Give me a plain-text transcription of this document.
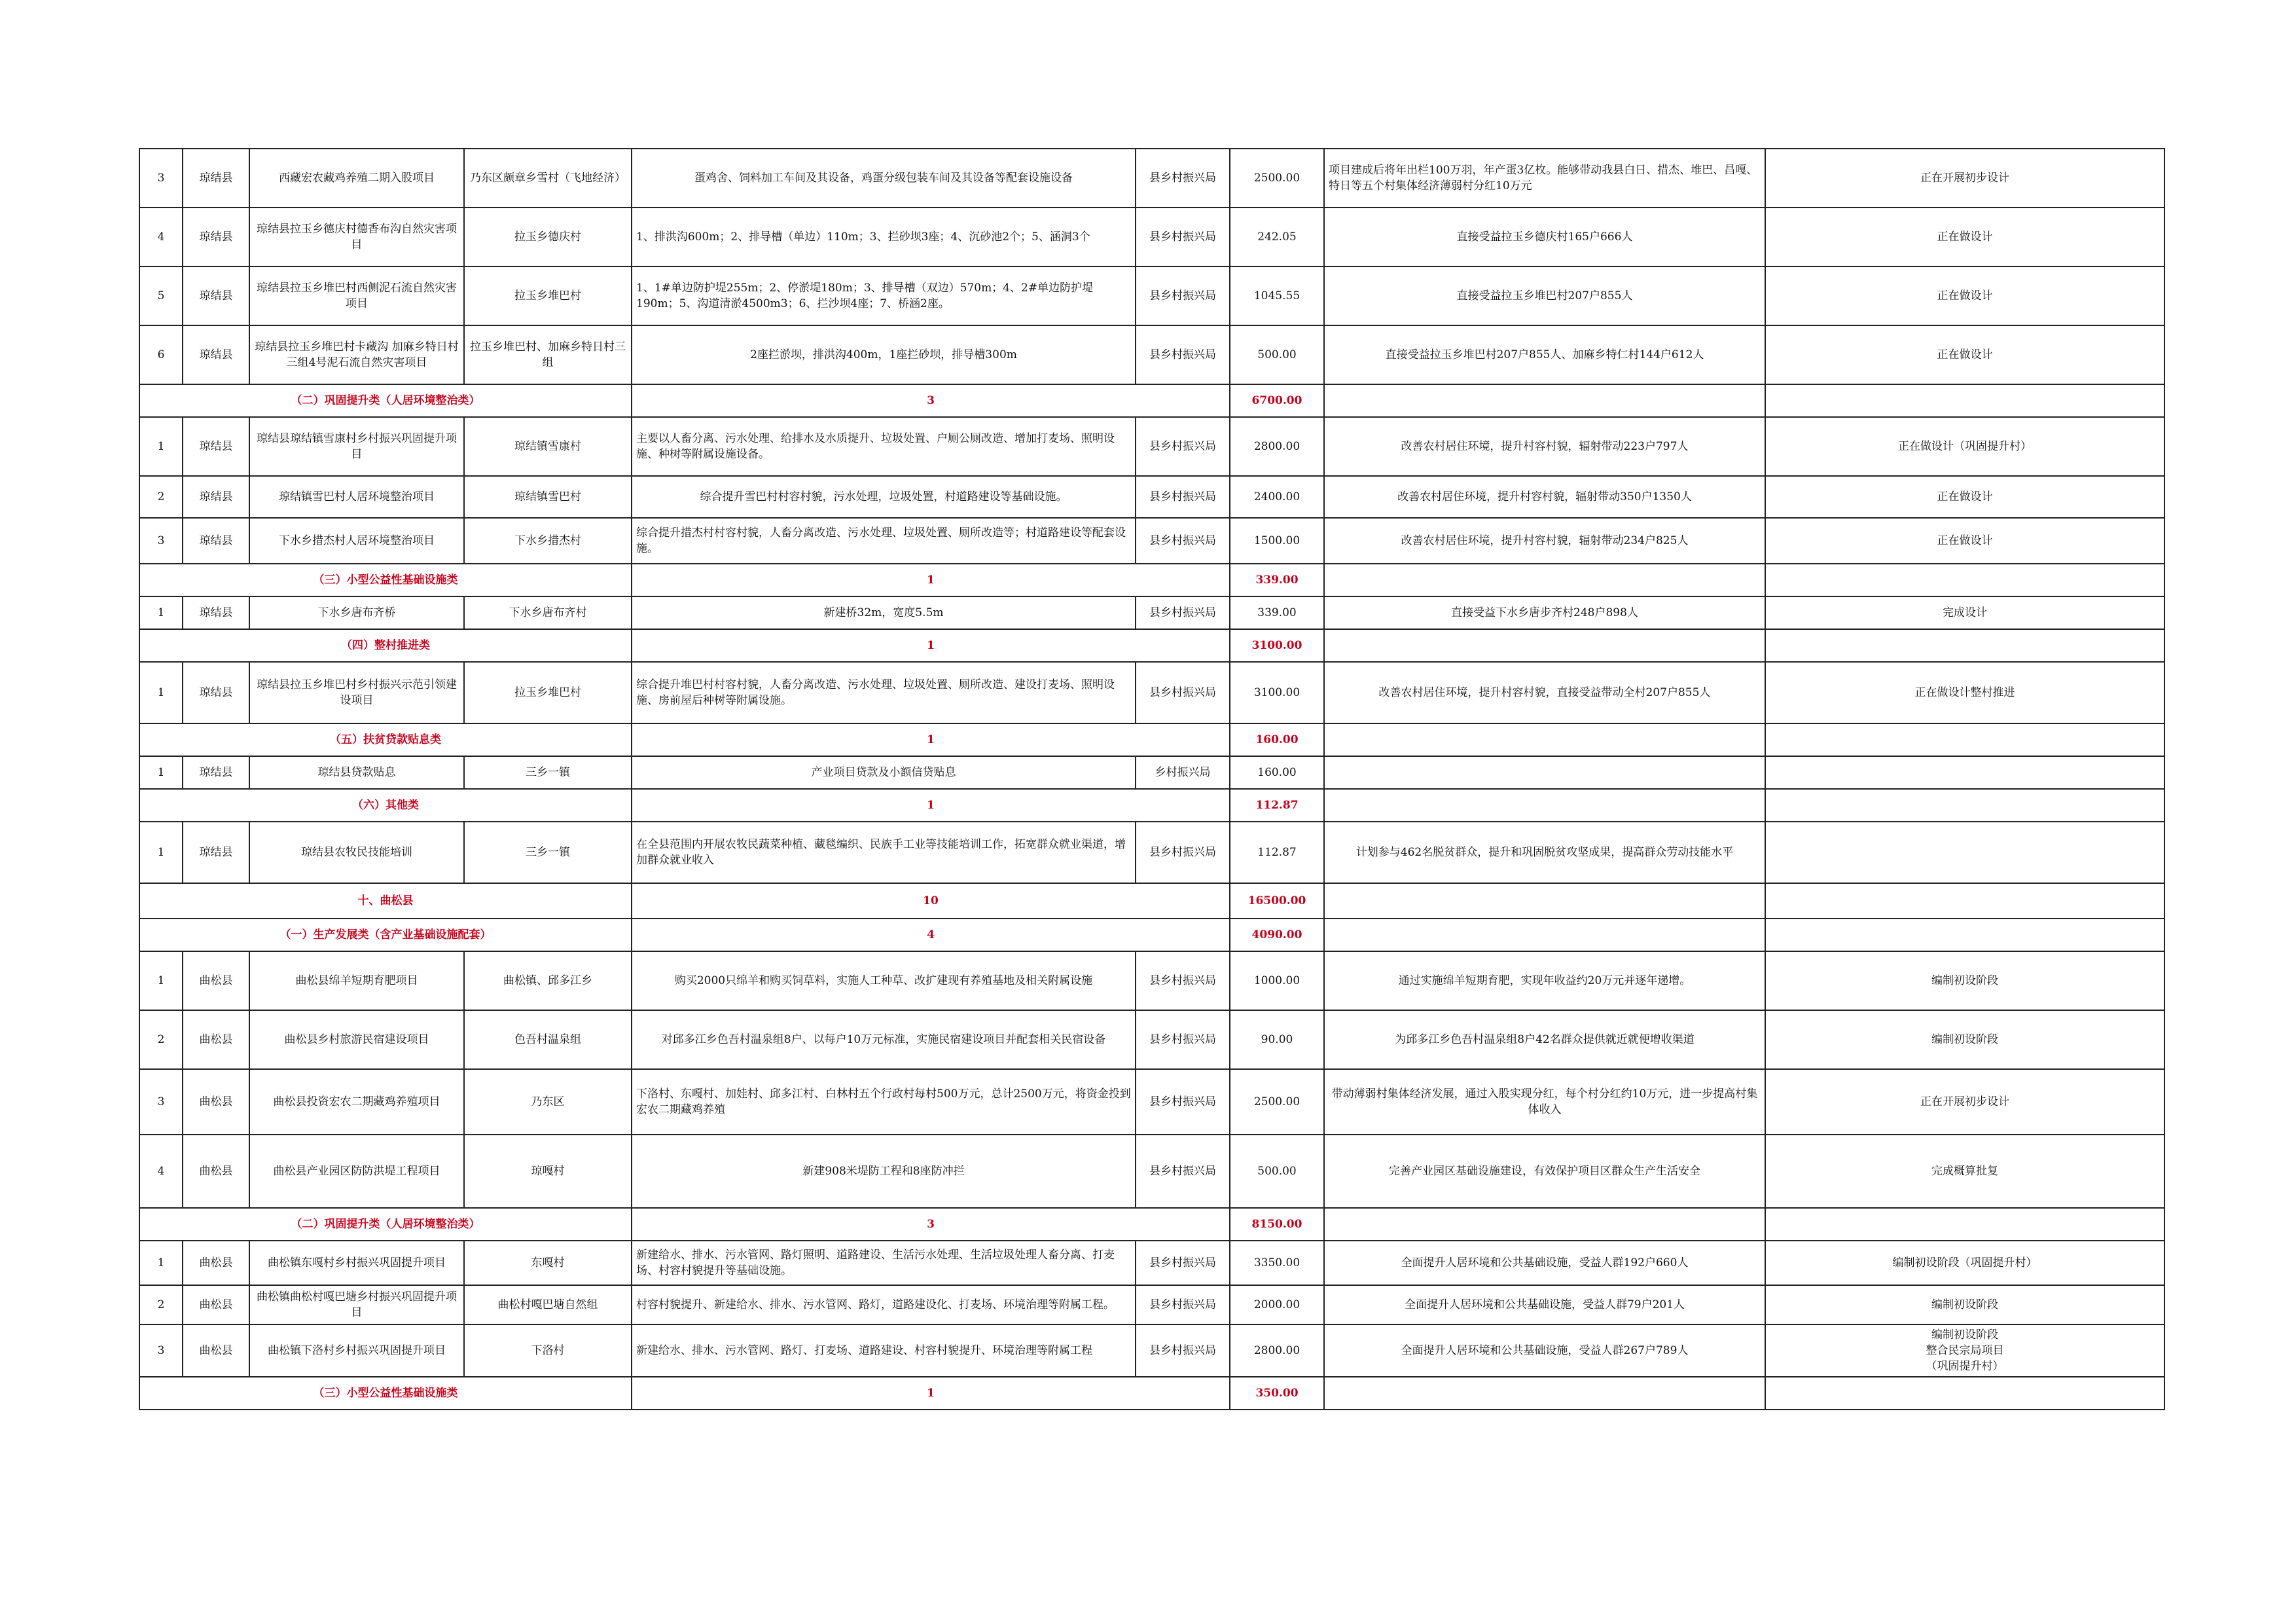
3	琼结县	西藏宏农藏鸡养殖二期入股项目	乃东区颇章乡雪村（飞地经济）	蛋鸡舍、饲料加工车间及其设备，鸡蛋分级包装车间及其设备等配套设施设备	县乡村振兴局	2500.00	项目建成后将年出栏100万羽，年产蛋3亿枚。能够带动我县白日、措杰、堆巴、昌嘎、特日等五个村集体经济薄弱村分红10万元	正在开展初步设计
4	琼结县	琼结县拉玉乡德庆村德香布沟自然灾害项目	拉玉乡德庆村	1、排洪沟600m；2、排导槽（单边）110m；3、拦砂坝3座；4、沉砂池2个；5、涵洞3个	县乡村振兴局	242.05	直接受益拉玉乡德庆村165户666人	正在做设计
5	琼结县	琼结县拉玉乡堆巴村西侧泥石流自然灾害项目	拉玉乡堆巴村	1、1#单边防护堤255m；2、停淤堤180m；3、排导槽（双边）570m；4、2#单边防护堤190m；5、沟道清淤4500m3；6、拦沙坝4座；7、桥涵2座。	县乡村振兴局	1045.55	直接受益拉玉乡堆巴村207户855人	正在做设计
6	琼结县	琼结县拉玉乡堆巴村卡藏沟 加麻乡特日村三组4号泥石流自然灾害项目	拉玉乡堆巴村、加麻乡特日村三组	2座拦淤坝，排洪沟400m，1座拦砂坝，排导槽300m	县乡村振兴局	500.00	直接受益拉玉乡堆巴村207户855人、加麻乡特仁村144户612人	正在做设计
（二）巩固提升类（人居环境整治类）				3		6700.00		
1	琼结县	琼结县琼结镇雪康村乡村振兴巩固提升项目	琼结镇雪康村	主要以人畜分离、污水处理、给排水及水质提升、垃圾处置、户厕公厕改造、增加打麦场、照明设施、种树等附属设施设备。	县乡村振兴局	2800.00	改善农村居住环境，提升村容村貌，辐射带动223户797人	正在做设计（巩固提升村）
2	琼结县	琼结镇雪巴村人居环境整治项目	琼结镇雪巴村	综合提升雪巴村村容村貌，污水处理，垃圾处置，村道路建设等基础设施。	县乡村振兴局	2400.00	改善农村居住环境，提升村容村貌，辐射带动350户1350人	正在做设计
3	琼结县	下水乡措杰村人居环境整治项目	下水乡措杰村	综合提升措杰村村容村貌，人畜分离改造、污水处理、垃圾处置、厕所改造等；村道路建设等配套设施。	县乡村振兴局	1500.00	改善农村居住环境，提升村容村貌，辐射带动234户825人	正在做设计
（三）小型公益性基础设施类				1		339.00		
1	琼结县	下水乡唐布齐桥	下水乡唐布齐村	新建桥32m，宽度5.5m	县乡村振兴局	339.00	直接受益下水乡唐步齐村248户898人	完成设计
（四）整村推进类				1		3100.00		
1	琼结县	琼结县拉玉乡堆巴村乡村振兴示范引领建设项目	拉玉乡堆巴村	综合提升堆巴村村容村貌，人畜分离改造、污水处理、垃圾处置、厕所改造、建设打麦场、照明设施、房前屋后种树等附属设施。	县乡村振兴局	3100.00	改善农村居住环境，提升村容村貌，直接受益带动全村207户855人	正在做设计整村推进
（五）扶贫贷款贴息类				1		160.00		
1	琼结县	琼结县贷款贴息	三乡一镇	产业项目贷款及小额信贷贴息	乡村振兴局	160.00		
（六）其他类				1		112.87		
1	琼结县	琼结县农牧民技能培训	三乡一镇	在全县范围内开展农牧民蔬菜种植、藏毯编织、民族手工业等技能培训工作，拓宽群众就业渠道，增加群众就业收入	县乡村振兴局	112.87	计划参与462名脱贫群众，提升和巩固脱贫攻坚成果，提高群众劳动技能水平	
十、曲松县				10		16500.00		
（一）生产发展类（含产业基础设施配套）				4		4090.00		
1	曲松县	曲松县绵羊短期育肥项目	曲松镇、邱多江乡	购买2000只绵羊和购买饲草料，实施人工种草、改扩建现有养殖基地及相关附属设施	县乡村振兴局	1000.00	通过实施绵羊短期育肥，实现年收益约20万元并逐年递增。	编制初设阶段
2	曲松县	曲松县乡村旅游民宿建设项目	色吾村温泉组	对邱多江乡色吾村温泉组8户、以每户10万元标准，实施民宿建设项目并配套相关民宿设备	县乡村振兴局	90.00	为邱多江乡色吾村温泉组8户42名群众提供就近就便增收渠道	编制初设阶段
3	曲松县	曲松县投资宏农二期藏鸡养殖项目	乃东区	下洛村、东嘎村、加娃村、邱多江村、白林村五个行政村每村500万元，总计2500万元，将资金投到宏农二期藏鸡养殖	县乡村振兴局	2500.00	带动薄弱村集体经济发展，通过入股实现分红，每个村分红约10万元，进一步提高村集体收入	正在开展初步设计
4	曲松县	曲松县产业园区防防洪堤工程项目	琼嘎村	新建908米堤防工程和8座防冲拦	县乡村振兴局	500.00	完善产业园区基础设施建设，有效保护项目区群众生产生活安全	完成概算批复
（二）巩固提升类（人居环境整治类）				3		8150.00		
1	曲松县	曲松镇东嘎村乡村振兴巩固提升项目	东嘎村	新建给水、排水、污水管网、路灯照明、道路建设、生活污水处理、生活垃圾处理人畜分离、打麦场、村容村貌提升等基础设施。	县乡村振兴局	3350.00	全面提升人居环境和公共基础设施，受益人群192户660人	编制初设阶段（巩固提升村）
2	曲松县	曲松镇曲松村嘎巴塘乡村振兴巩固提升项目	曲松村嘎巴塘自然组	村容村貌提升、新建给水、排水、污水管网、路灯，道路建设化、打麦场、环境治理等附属工程。	县乡村振兴局	2000.00	全面提升人居环境和公共基础设施，受益人群79户201人	编制初设阶段
3	曲松县	曲松镇下洛村乡村振兴巩固提升项目	下洛村	新建给水、排水、污水管网、路灯、打麦场、道路建设、村容村貌提升、环境治理等附属工程	县乡村振兴局	2800.00	全面提升人居环境和公共基础设施，受益人群267户789人	编制初设阶段
整合民宗局项目
（巩固提升村）
（三）小型公益性基础设施类				1		350.00		
